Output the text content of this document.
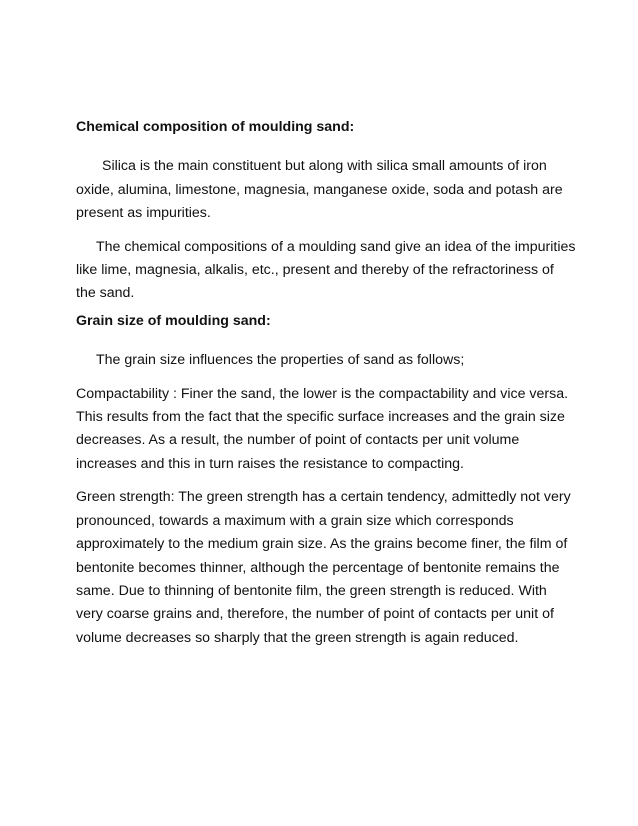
Chemical composition of moulding sand:

Silica is the main constituent but along with silica small amounts of iron oxide, alumina, limestone, magnesia, manganese oxide, soda and potash are present as impurities.

The chemical compositions of a moulding sand give an idea of the impurities like lime, magnesia, alkalis, etc., present and thereby of the refractoriness of the sand.

Grain size of moulding sand:

The grain size influences the properties of sand as follows;

Compactability : Finer the sand, the lower is the compactability and vice versa. This results from the fact that the specific surface increases and the grain size decreases. As a result, the number of point of contacts per unit volume increases and this in turn raises the resistance to compacting.

Green strength: The green strength has a certain tendency, admittedly not very pronounced, towards a maximum with a grain size which corresponds approximately to the medium grain size. As the grains become finer, the film of bentonite becomes thinner, although the percentage of bentonite remains the same. Due to thinning of bentonite film, the green strength is reduced. With very coarse grains and, therefore, the number of point of contacts per unit of volume decreases so sharply that the green strength is again reduced.
